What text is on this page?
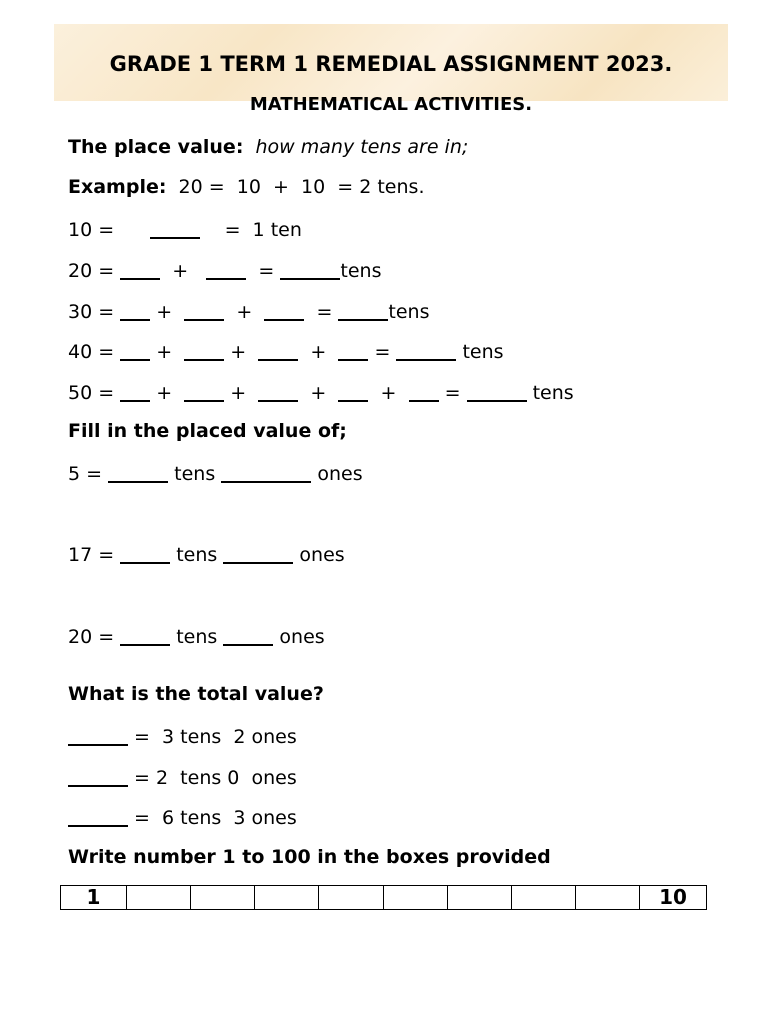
GRADE 1 TERM 1 REMEDIAL ASSIGNMENT 2023.
MATHEMATICAL ACTIVITIES.
The place value: how many tens are in;
Example: 20 =  10  +  10  = 2 tens.
10 =	=  1 ten
20 =	+	=	tens
30 = +	+	=	tens
40 = +	+	+	=	tens
50 = +	+	+	+	=	tens
Fill in the placed value of;
5 =	tens	ones
17 =	tens	ones
20 =	tens	ones
What is the total value?
=  3 tens  2 ones
= 2  tens 0  ones
=  6 tens  3 ones
Write number 1 to 100 in the boxes provided
1									10
